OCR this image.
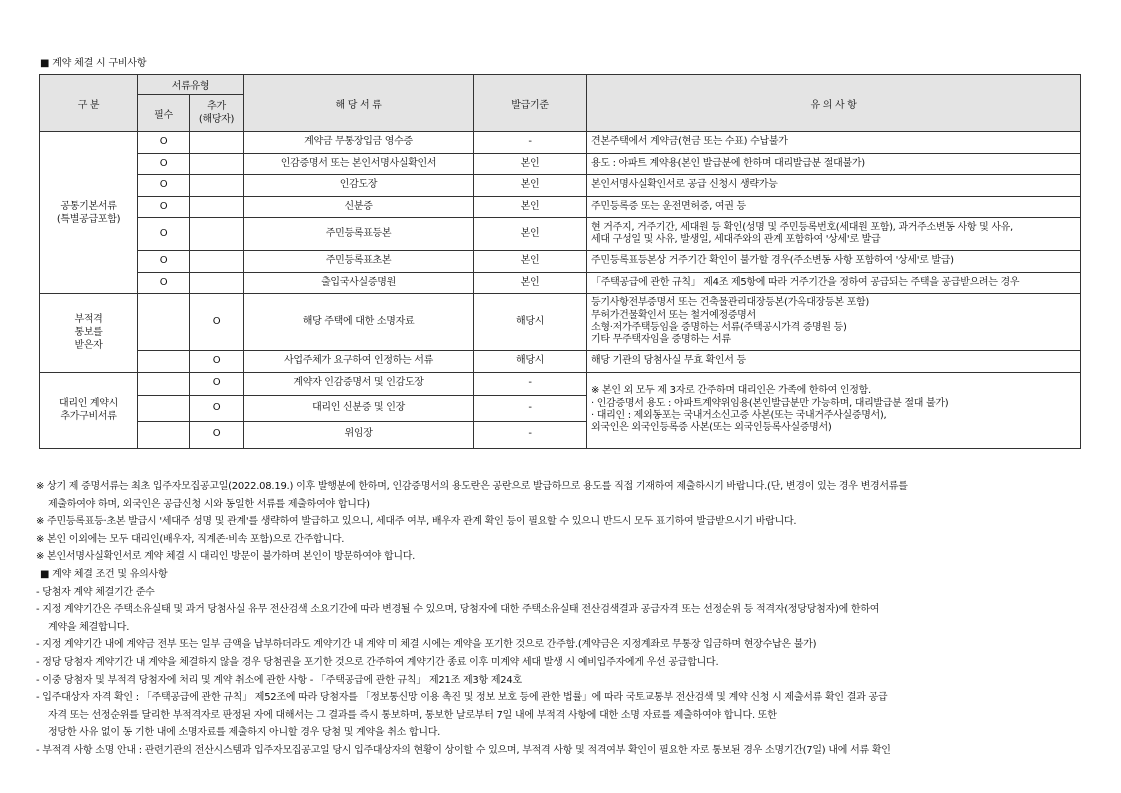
■ 계약 체결 시 구비사항
구 분	서류유형		해 당 서 류	발급기준	유 의 사 항
	필수	추가
(해당자)			
공통기본서류
(특별공급포함)	O		계약금 무통장입금 영수증	-	견본주택에서 계약금(현금 또는 수표) 수납불가
	O		인감증명서 또는 본인서명사실확인서	본인	용도 : 아파트 계약용(본인 발급분에 한하며 대리발급분 절대불가)
	O		인감도장	본인	본인서명사실확인서로 공급 신청시 생략가능
	O		신분증	본인	주민등록증 또는 운전면허증, 여권 등
	O		주민등록표등본	본인	현 거주지, 거주기간, 세대원 등 확인(성명 및 주민등록번호(세대원 포함), 과거주소변동 사항 및 사유,
세대 구성일 및 사유, 발생일, 세대주와의 관계 포함하여 '상세'로 발급
	O		주민등록표초본	본인	주민등록표등본상 거주기간 확인이 불가할 경우(주소변동 사항 포함하여 '상세'로 발급)
	O		출입국사실증명원	본인	「주택공급에 관한 규칙」 제4조 제5항에 따라 거주기간을 정하여 공급되는 주택을 공급받으려는 경우
부적격
통보를
받은자		O	해당 주택에 대한 소명자료	해당시	등기사항전부증명서 또는 건축물관리대장등본(가옥대장등본 포함)
무허가건물확인서 또는 철거예정증명서
소형·저가주택등임을 증명하는 서류(주택공시가격 증명원 등)
기타 무주택자임을 증명하는 서류
		O	사업주체가 요구하여 인정하는 서류	해당시	해당 기관의 당첨사실 무효 확인서 등
대리인 계약시
추가구비서류		O	계약자 인감증명서 및 인감도장	-	※ 본인 외 모두 제 3자로 간주하며 대리인은 가족에 한하여 인정함.
· 인감증명서 용도 : 아파트계약위임용(본인발급분만 가능하며, 대리발급분 절대 불가)
· 대리인 : 제외동포는 국내거소신고증 사본(또는 국내거주사실증명서),
외국인은 외국인등록증 사본(또는 외국인등록사실증명서)
		O	대리인 신분증 및 인장	-	
		O	위임장	-	
※ 상기 제 증명서류는 최초 입주자모집공고일(2022.08.19.) 이후 발행분에 한하며, 인감증명서의 용도란은 공란으로 발급하므로 용도를 직접 기재하여 제출하시기 바랍니다.(단, 변경이 있는 경우 변경서류를
제출하여야 하며, 외국인은 공급신청 시와 동일한 서류를 제출하여야 합니다)
※ 주민등록표등·초본 발급시 '세대주 성명 및 관계'를 생략하여 발급하고 있으니, 세대주 여부, 배우자 관계 확인 등이 필요할 수 있으니 반드시 모두 표기하여 발급받으시기 바랍니다.
※ 본인 이외에는 모두 대리인(배우자, 직계존·비속 포함)으로 간주합니다.
※ 본인서명사실확인서로 계약 체결 시 대리인 방문이 불가하며 본인이 방문하여야 합니다.
■ 계약 체결 조건 및 유의사항
- 당첨자 계약 체결기간 준수
- 지정 계약기간은 주택소유실태 및 과거 당첨사실 유무 전산검색 소요기간에 따라 변경될 수 있으며, 당첨자에 대한 주택소유실태 전산검색결과 공급자격 또는 선정순위 등 적격자(정당당첨자)에 한하여
계약을 체결합니다.
- 지정 계약기간 내에 계약금 전부 또는 일부 금액을 납부하더라도 계약기간 내 계약 미 체결 시에는 계약을 포기한 것으로 간주함.(계약금은 지정계좌로 무통장 입금하며 현장수납은 불가)
- 정당 당첨자 계약기간 내 계약을 체결하지 않을 경우 당첨권을 포기한 것으로 간주하여 계약기간 종료 이후 미계약 세대 발생 시 예비입주자에게 우선 공급합니다.
- 이중 당첨자 및 부적격 당첨자에 처리 및 계약 취소에 관한 사항 - 「주택공급에 관한 규칙」 제21조 제3항 제24호
- 입주대상자 자격 확인 : 「주택공급에 관한 규칙」 제52조에 따라 당첨자를 「정보통신망 이용 촉진 및 정보 보호 등에 관한 법률」에 따라 국토교통부 전산검색 및 계약 신청 시 제출서류 확인 결과 공급
자격 또는 선정순위를 달리한 부적격자로 판정된 자에 대해서는 그 결과를 즉시 통보하며, 통보한 날로부터 7일 내에 부적격 사항에 대한 소명 자료를 제출하여야 합니다. 또한
정당한 사유 없이 동 기한 내에 소명자료를 제출하지 아니할 경우 당첨 및 계약을 취소 합니다.
- 부적격 사항 소명 안내 : 관련기관의 전산시스템과 입주자모집공고일 당시 입주대상자의 현황이 상이할 수 있으며, 부적격 사항 및 적격여부 확인이 필요한 자로 통보된 경우 소명기간(7일) 내에 서류 확인
